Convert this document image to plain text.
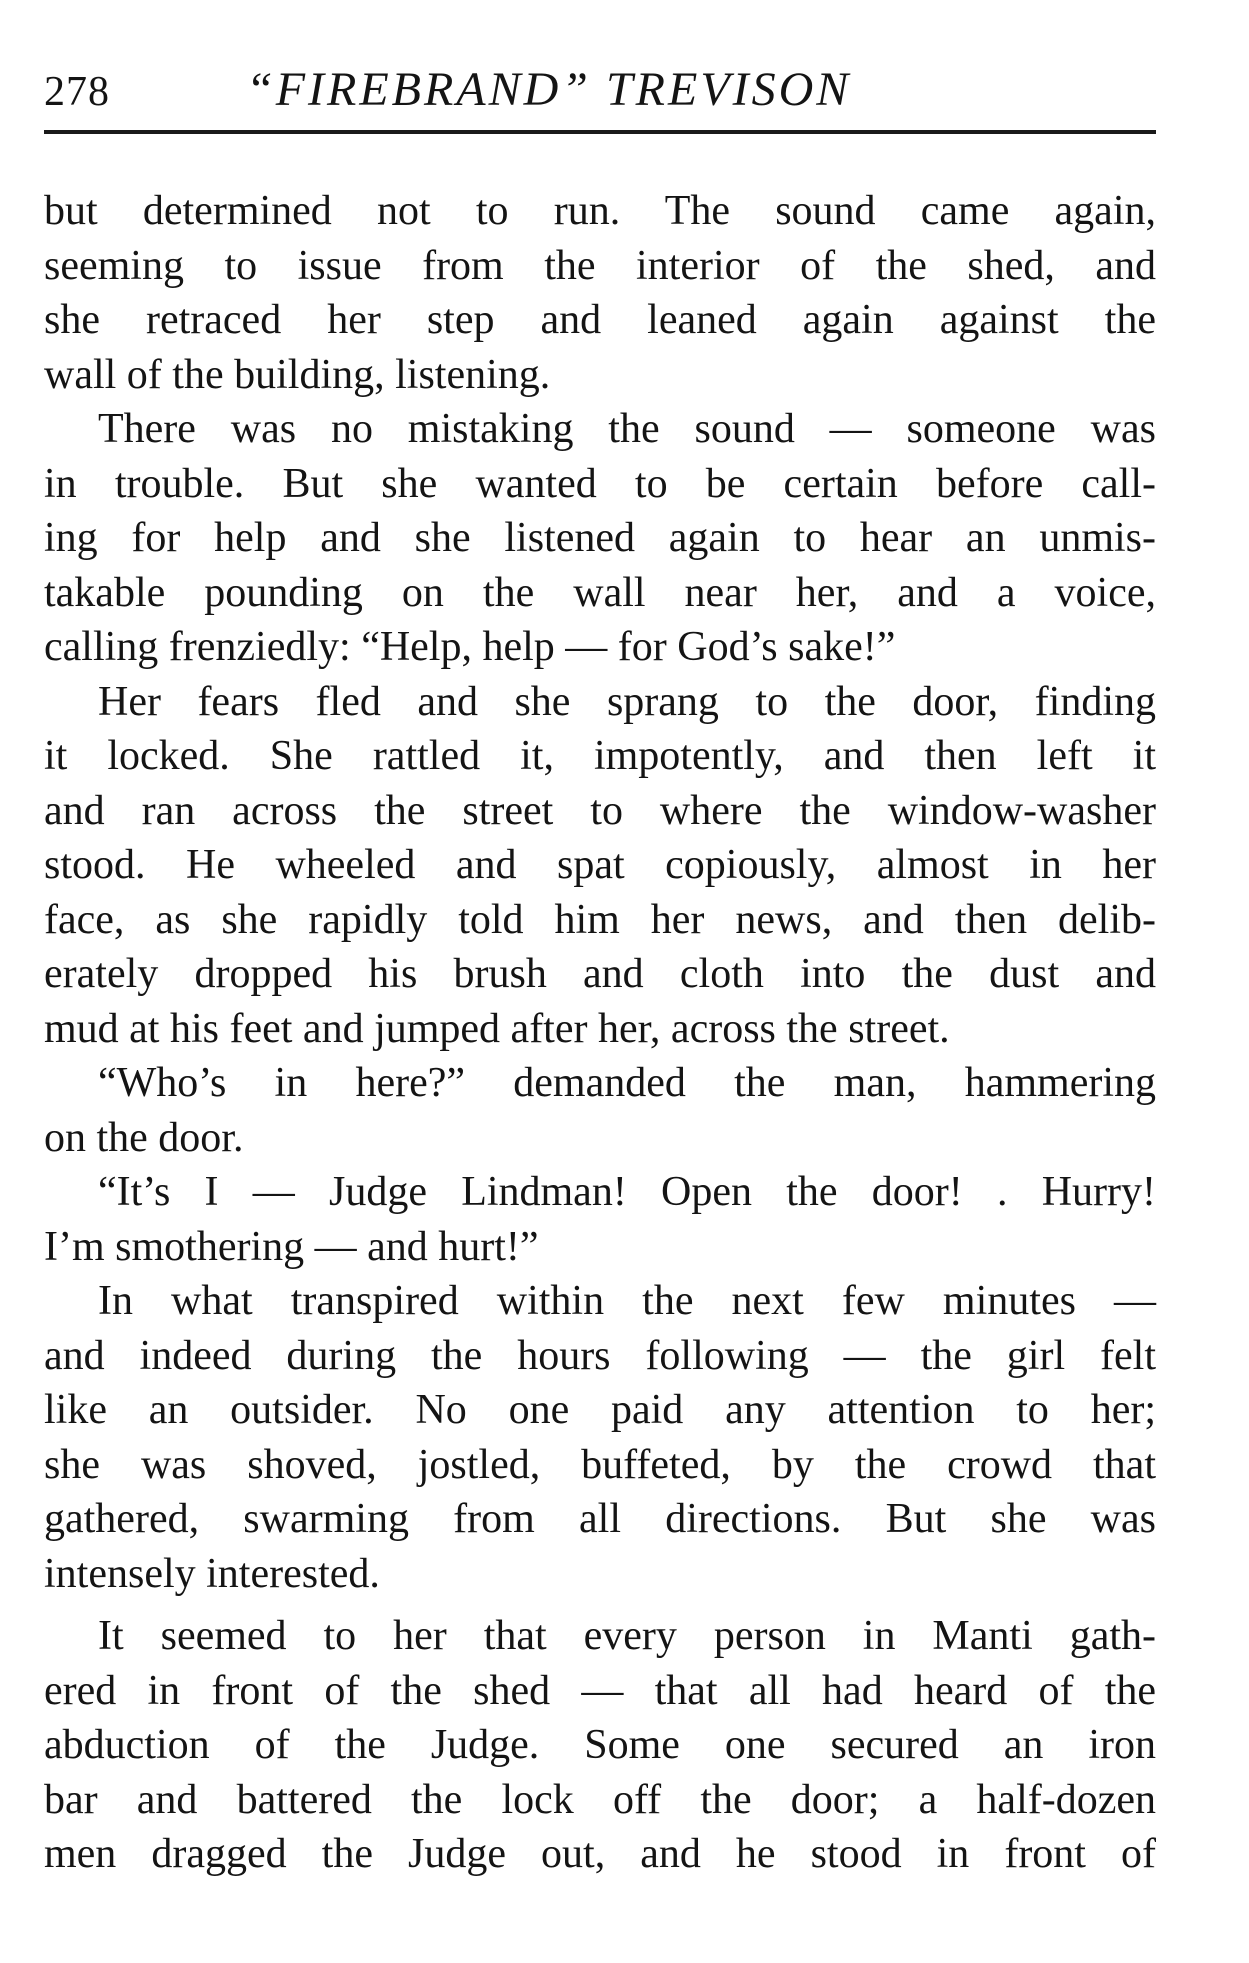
278	“FIREBRAND” TREVISON
but determined not to run. The sound came again,
seeming to issue from the interior of the shed, and
she retraced her step and leaned again against the
wall of the building, listening.
There was no mistaking the sound — someone was
in trouble. But she wanted to be certain before call-
ing for help and she listened again to hear an unmis-
takable pounding on the wall near her, and a voice,
calling frenziedly: “Help, help — for God’s sake!”
Her fears fled and she sprang to the door, finding
it locked. She rattled it, impotently, and then left it
and ran across the street to where the window-washer
stood. He wheeled and spat copiously, almost in her
face, as she rapidly told him her news, and then delib-
erately dropped his brush and cloth into the dust and
mud at his feet and jumped after her, across the street.
“Who’s in here?” demanded the man, hammering
on the door.
“It’s I — Judge Lindman! Open the door! . Hurry!
I’m smothering — and hurt!”
In what transpired within the next few minutes —
and indeed during the hours following — the girl felt
like an outsider. No one paid any attention to her;
she was shoved, jostled, buffeted, by the crowd that
gathered, swarming from all directions. But she was
intensely interested.
It seemed to her that every person in Manti gath-
ered in front of the shed — that all had heard of the
abduction of the Judge. Some one secured an iron
bar and battered the lock off the door; a half-dozen
men dragged the Judge out, and he stood in front of
